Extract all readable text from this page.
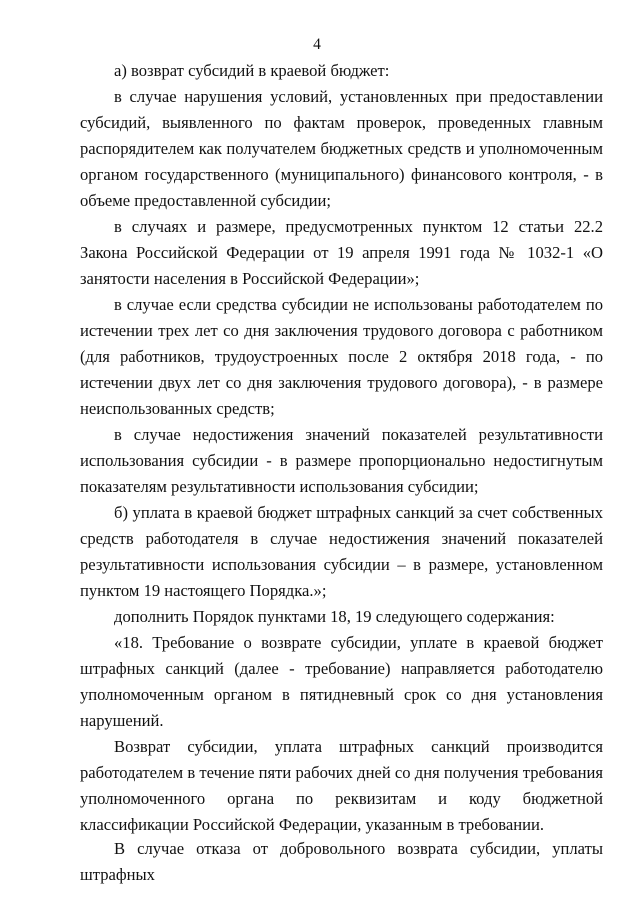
4

а) возврат субсидий в краевой бюджет:

в случае нарушения условий, установленных при предоставлении субсидий, выявленного по фактам проверок, проведенных главным распорядителем как получателем бюджетных средств и уполномоченным органом государственного (муниципального) финансового контроля, - в объеме предоставленной субсидии;

в случаях и размере, предусмотренных пунктом 12 статьи 22.2 Закона Российской Федерации от 19 апреля 1991 года № 1032-1 «О занятости населения в Российской Федерации»;

в случае если средства субсидии не использованы работодателем по истечении трех лет со дня заключения трудового договора с работником (для работников, трудоустроенных после 2 октября 2018 года, - по истечении двух лет со дня заключения трудового договора), - в размере неиспользованных средств;

в случае недостижения значений показателей результативности использования субсидии - в размере пропорционально недостигнутым показателям результативности использования субсидии;

б) уплата в краевой бюджет штрафных санкций за счет собственных средств работодателя в случае недостижения значений показателей результативности использования субсидии – в размере, установленном пунктом 19 настоящего Порядка.»;

дополнить Порядок пунктами 18, 19 следующего содержания:

«18. Требование о возврате субсидии, уплате в краевой бюджет штрафных санкций (далее - требование) направляется работодателю уполномоченным органом в пятидневный срок со дня установления нарушений.

Возврат субсидии, уплата штрафных санкций производится работодателем в течение пяти рабочих дней со дня получения требования уполномоченного органа по реквизитам и коду бюджетной классификации Российской Федерации, указанным в требовании.

В случае отказа от добровольного возврата субсидии, уплаты штрафных
